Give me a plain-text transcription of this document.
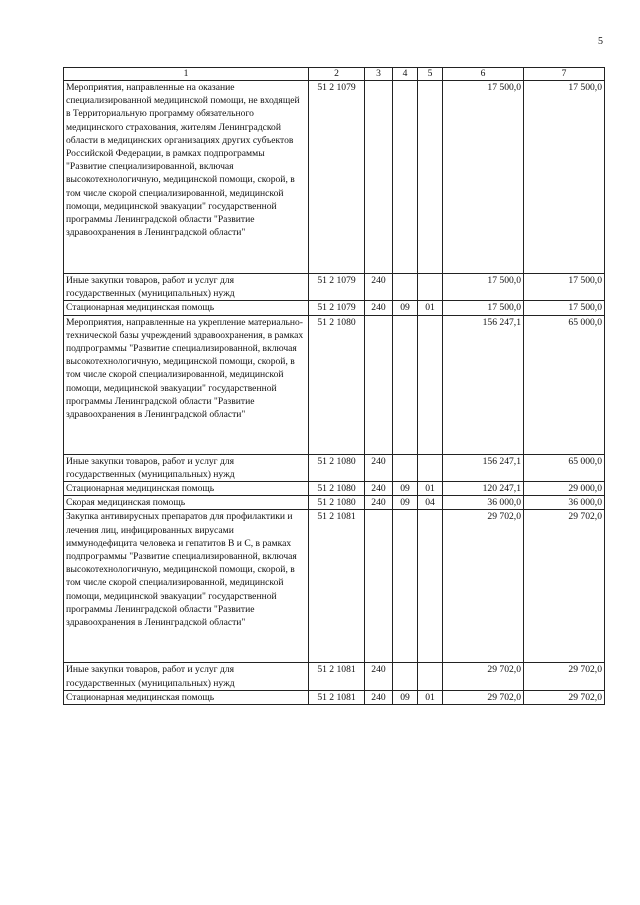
5
1	2	3	4	5	6	7
Мероприятия, направленные на оказание специализированной медицинской помощи, не входящей в Территориальную программу обязательного медицинского страхования, жителям Ленинградской области в медицинских организациях других субъектов Российской Федерации, в рамках подпрограммы "Развитие специализированной, включая высокотехнологичную, медицинской помощи, скорой, в том числе скорой специализированной, медицинской помощи, медицинской эвакуации" государственной программы Ленинградской области "Развитие здравоохранения в Ленинградской области"	51 2 1079				17 500,0	17 500,0
Иные закупки товаров, работ и услуг для государственных (муниципальных) нужд	51 2 1079	240			17 500,0	17 500,0
Стационарная медицинская помощь	51 2 1079	240	09	01	17 500,0	17 500,0
Мероприятия, направленные на укрепление материально-технической базы учреждений здравоохранения, в рамках подпрограммы "Развитие специализированной, включая высокотехнологичную, медицинской помощи, скорой, в том числе скорой специализированной, медицинской помощи, медицинской эвакуации" государственной программы Ленинградской области "Развитие здравоохранения в Ленинградской области"	51 2 1080				156 247,1	65 000,0
Иные закупки товаров, работ и услуг для государственных (муниципальных) нужд	51 2 1080	240			156 247,1	65 000,0
Стационарная медицинская помощь	51 2 1080	240	09	01	120 247,1	29 000,0
Скорая медицинская помощь	51 2 1080	240	09	04	36 000,0	36 000,0
Закупка антивирусных препаратов для профилактики и лечения лиц, инфицированных вирусами иммунодефицита человека и гепатитов В и С, в рамках подпрограммы "Развитие специализированной, включая высокотехнологичную, медицинской помощи, скорой, в том числе скорой специализированной, медицинской помощи, медицинской эвакуации" государственной программы Ленинградской области "Развитие здравоохранения в Ленинградской области"	51 2 1081				29 702,0	29 702,0
Иные закупки товаров, работ и услуг для государственных (муниципальных) нужд	51 2 1081	240			29 702,0	29 702,0
Стационарная медицинская помощь	51 2 1081	240	09	01	29 702,0	29 702,0
